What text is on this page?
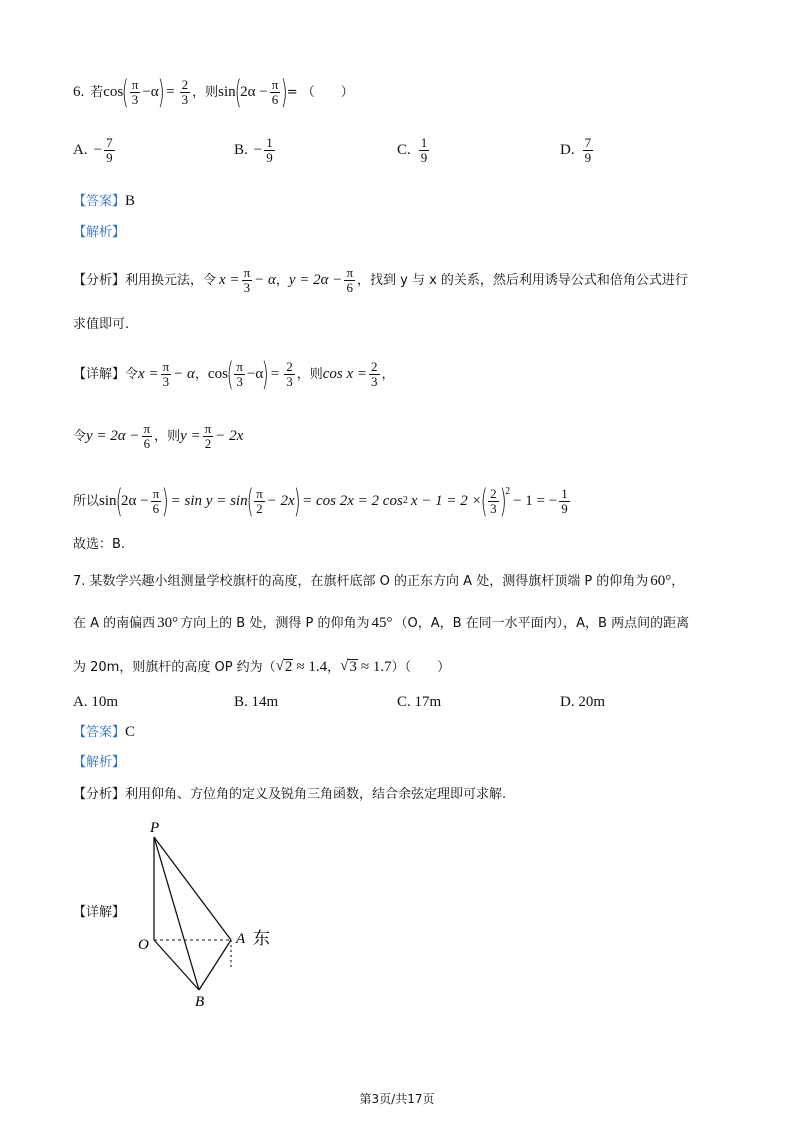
6. 若 cos
( $\frac{\pi}{3} -\alpha$
) = $\frac{2}{3}$ ，则 sin
(
$2\alpha - \frac{\pi}{6}$ )
= （　　）
A. − $\frac{7}{9}$	B. − $\frac{1}{9}$	C. $\frac{1}{9}$	D. $\frac{7}{9}$
【答案】 B
【解析】
【分析】 利用换元法，令 $x = \frac{\pi}{3} - \alpha$ ， $y = 2\alpha - \frac{\pi}{6}$ ，找到 y 与 x 的关系，然后利用诱导公式和倍角公式进行
求值即可.
【详解】 令 $x = \frac{\pi}{3} - \alpha$ ， cos
( $\frac{\pi}{3} -\alpha$
) = $\frac{2}{3}$ ，则 $\cos x = \frac{2}{3}$ ，
令 $y = 2\alpha - \frac{\pi}{6}$ ，则 $y = \frac{\pi}{2} - 2x$
所以 sin
(
$2\alpha - \frac{\pi}{6}$ ) = sin y = sin
( $\frac{\pi}{2} - 2x$
) = cos 2x = 2 cos 2 x − 1 = 2 ×
( $\frac{2}{3}$ )
2
− 1 = − $\frac{1}{9}$
故选：B.
7. 某数学兴趣小组测量学校旗杆的高度，在旗杆底部 O 的正东方向 A 处，测得旗杆顶端 P 的仰角为 60° ，
在 A 的南偏西 30° 方向上的 B 处，测得 P 的仰角为 45° （O，A，B 在同一水平面内），A，B 两点间的距离
为 20m，则旗杆的高度 OP 约为（ √ 2 ≈ 1.4 ， √ 3 ≈ 1.7 ）（　　）
A. 10m	B. 14m	C. 17m	D. 20m
【答案】 C
【解析】
【分析】 利用仰角、方位角的定义及锐角三角函数，结合余弦定理即可求解.
【详解】
P
O	A 东
B
第3页/共17页
